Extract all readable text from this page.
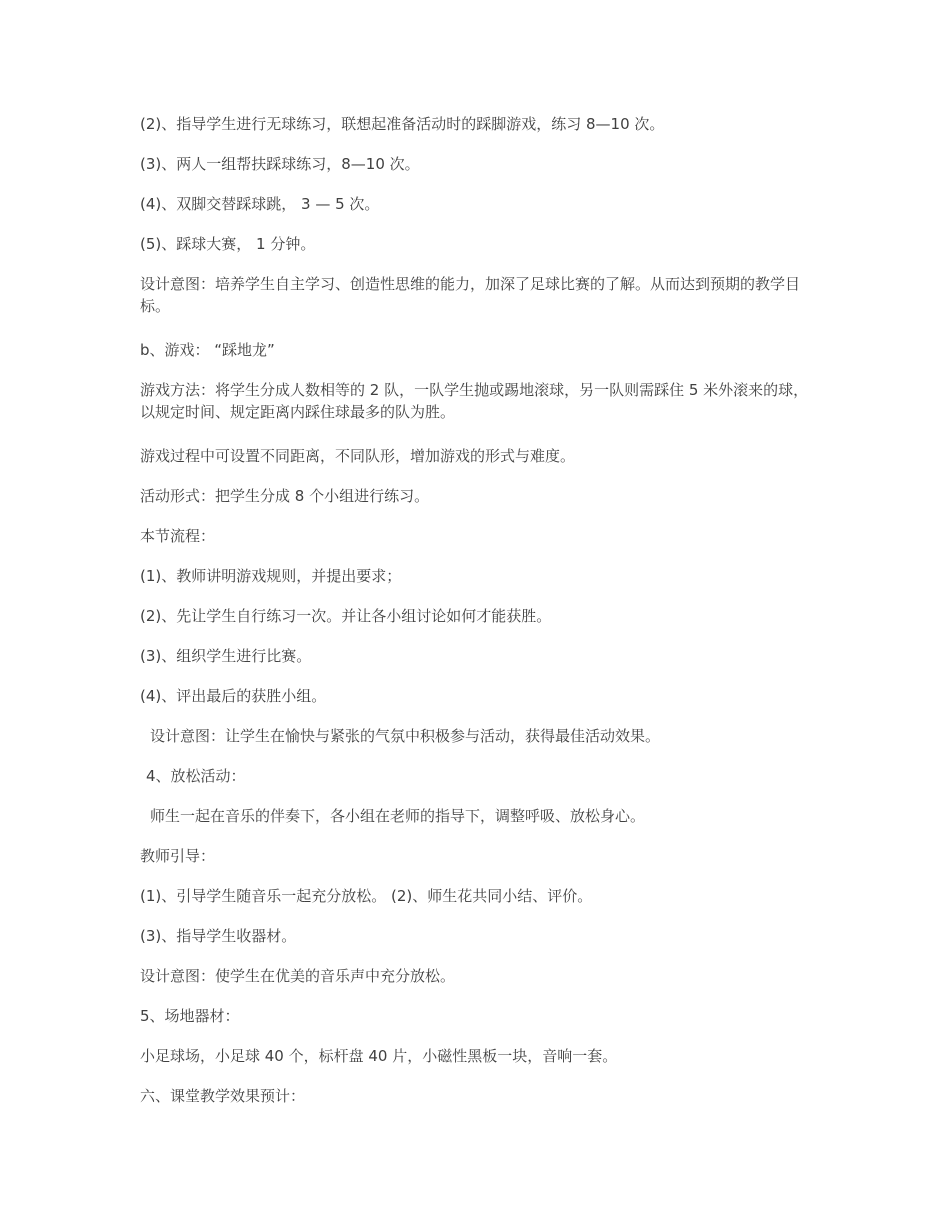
(2)、指导学生进行无球练习，联想起准备活动时的踩脚游戏，练习 8—10 次。

(3)、两人一组帮扶踩球练习，8—10 次。

(4)、双脚交替踩球跳， 3 — 5 次。

(5)、踩球大赛， 1 分钟。

设计意图：培养学生自主学习、创造性思维的能力，加深了足球比赛的了解。从而达到预期的教学目标。

b、游戏： “踩地龙”

游戏方法：将学生分成人数相等的 2 队，一队学生抛或踢地滚球，另一队则需踩住 5 米外滚来的球，以规定时间、规定距离内踩住球最多的队为胜。

游戏过程中可设置不同距离，不同队形，增加游戏的形式与难度。

活动形式：把学生分成 8 个小组进行练习。

本节流程：

(1)、教师讲明游戏规则，并提出要求；

(2)、先让学生自行练习一次。并让各小组讨论如何才能获胜。

(3)、组织学生进行比赛。

(4)、评出最后的获胜小组。

设计意图：让学生在愉快与紧张的气氛中积极参与活动，获得最佳活动效果。

4、放松活动：

师生一起在音乐的伴奏下，各小组在老师的指导下，调整呼吸、放松身心。

教师引导：

(1)、引导学生随音乐一起充分放松。 (2)、师生花共同小结、评价。

(3)、指导学生收器材。

设计意图：使学生在优美的音乐声中充分放松。

5、场地器材：

小足球场，小足球 40 个，标杆盘 40 片，小磁性黑板一块，音响一套。

六、课堂教学效果预计：
